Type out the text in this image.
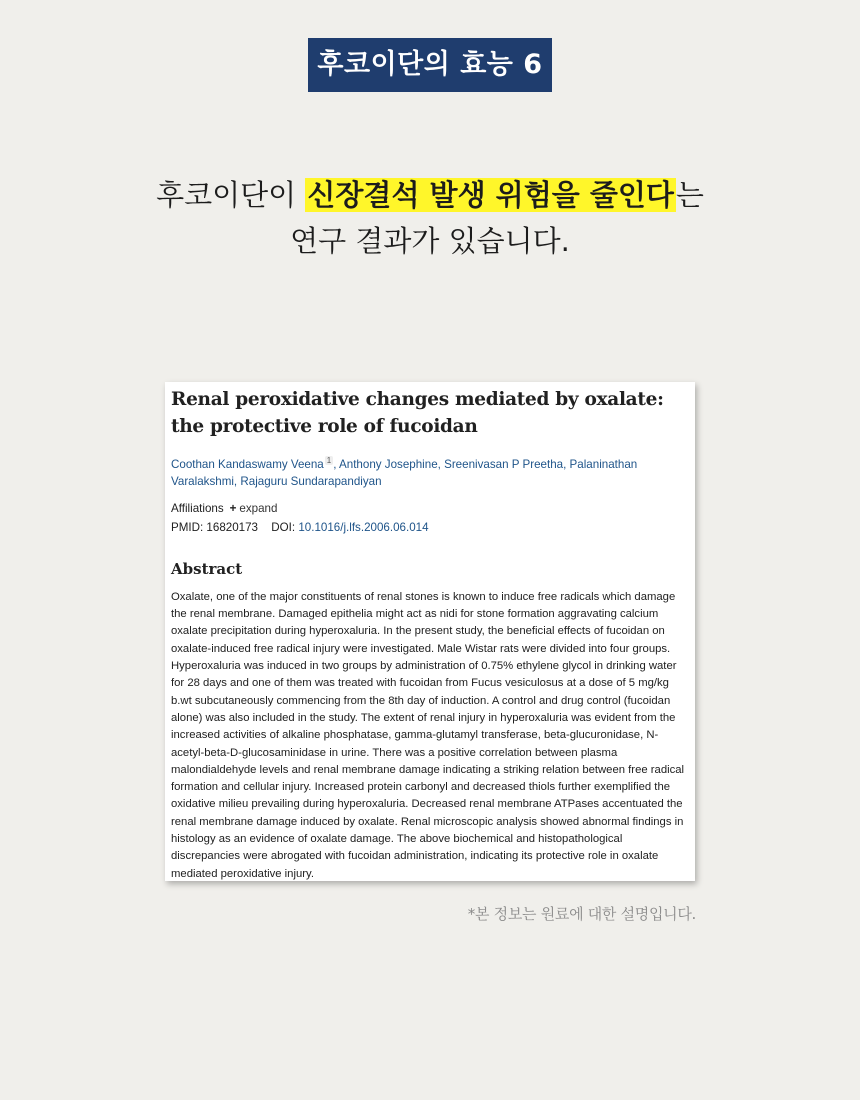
후코이단의 효능 6
후코이단이 신장결석 발생 위험을 줄인다는
연구 결과가 있습니다.
Renal peroxidative changes mediated by oxalate: the protective role of fucoidan
Coothan Kandaswamy Veena $^1$ , Anthony Josephine, Sreenivasan P Preetha, Palaninathan Varalakshmi, Rajaguru Sundarapandiyan
Affiliations + expand
PMID: 16820173 DOI: 10.1016/j.lfs.2006.06.014
Abstract
Oxalate, one of the major constituents of renal stones is known to induce free radicals which damage the renal membrane. Damaged epithelia might act as nidi for stone formation aggravating calcium oxalate precipitation during hyperoxaluria. In the present study, the beneficial effects of fucoidan on oxalate-induced free radical injury were investigated. Male Wistar rats were divided into four groups. Hyperoxaluria was induced in two groups by administration of 0.75% ethylene glycol in drinking water for 28 days and one of them was treated with fucoidan from Fucus vesiculosus at a dose of 5 mg/kg b.wt subcutaneously commencing from the 8th day of induction. A control and drug control (fucoidan alone) was also included in the study. The extent of renal injury in hyperoxaluria was evident from the increased activities of alkaline phosphatase, gamma-glutamyl transferase, beta-glucuronidase, N-acetyl-beta-D-glucosaminidase in urine. There was a positive correlation between plasma malondialdehyde levels and renal membrane damage indicating a striking relation between free radical formation and cellular injury. Increased protein carbonyl and decreased thiols further exemplified the oxidative milieu prevailing during hyperoxaluria. Decreased renal membrane ATPases accentuated the renal membrane damage induced by oxalate. Renal microscopic analysis showed abnormal findings in histology as an evidence of oxalate damage. The above biochemical and histopathological discrepancies were abrogated with fucoidan administration, indicating its protective role in oxalate mediated peroxidative injury.
*본 정보는 원료에 대한 설명입니다.
